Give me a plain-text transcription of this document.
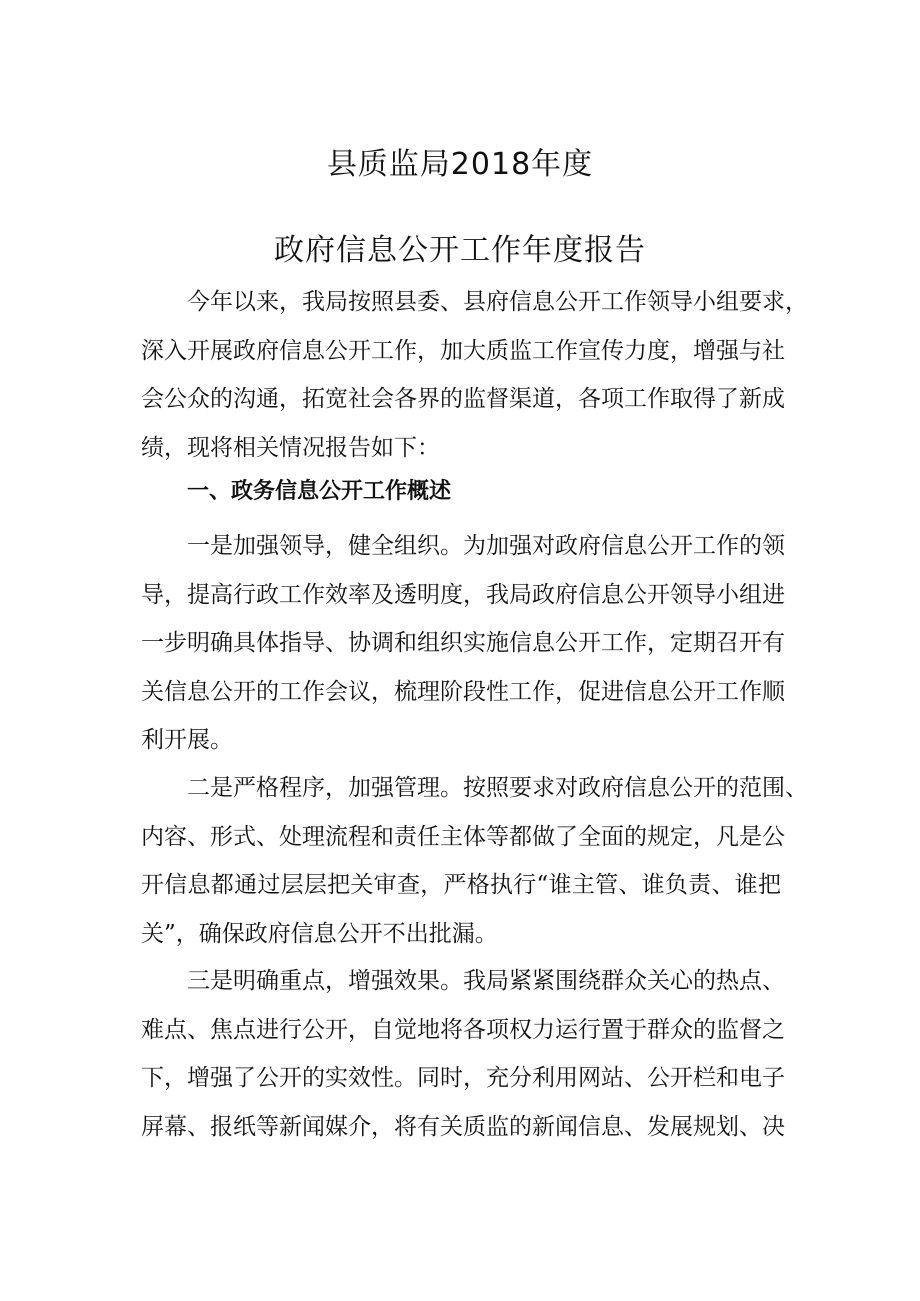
县质监局2018年度
政府信息公开工作年度报告
今年以来，我局按照县委、县府信息公开工作领导小组要求，
深入开展政府信息公开工作，加大质监工作宣传力度，增强与社
会公众的沟通，拓宽社会各界的监督渠道，各项工作取得了新成
绩，现将相关情况报告如下：
一、政务信息公开工作概述
一是加强领导，健全组织。为加强对政府信息公开工作的领
导，提高行政工作效率及透明度，我局政府信息公开领导小组进
一步明确具体指导、协调和组织实施信息公开工作，定期召开有
关信息公开的工作会议，梳理阶段性工作，促进信息公开工作顺
利开展。
二是严格程序，加强管理。按照要求对政府信息公开的范围、
内容、形式、处理流程和责任主体等都做了全面的规定，凡是公
开信息都通过层层把关审查，严格执行“谁主管、谁负责、谁把
关”，确保政府信息公开不出批漏。
三是明确重点，增强效果。我局紧紧围绕群众关心的热点、
难点、焦点进行公开，自觉地将各项权力运行置于群众的监督之
下，增强了公开的实效性。同时，充分利用网站、公开栏和电子
屏幕、报纸等新闻媒介，将有关质监的新闻信息、发展规划、决
